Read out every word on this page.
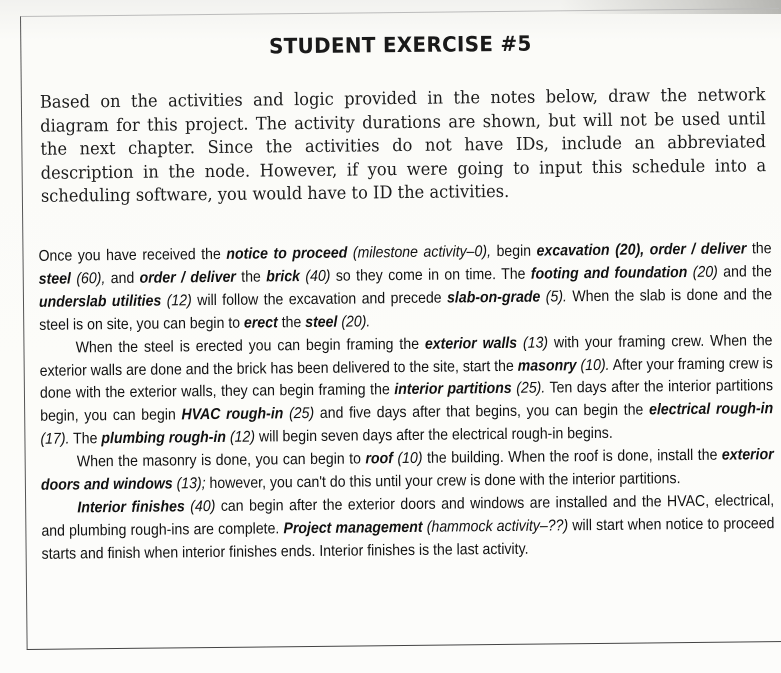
STUDENT EXERCISE #5
Based on the activities and logic provided in the notes below, draw the network diagram for this project. The activity durations are shown, but will not be used until the next chapter. Since the activities do not have IDs, include an abbreviated description in the node. However, if you were going to input this schedule into a scheduling software, you would have to ID the activities.

Once you have received the notice to proceed (milestone activity–0), begin excavation (20), order / deliver the steel (60), and order / deliver the brick (40) so they come in on time. The footing and foundation (20) and the underslab utilities (12) will follow the excavation and precede slab-on-grade (5). When the slab is done and the steel is on site, you can begin to erect the steel (20).

When the steel is erected you can begin framing the exterior walls (13) with your framing crew. When the exterior walls are done and the brick has been delivered to the site, start the masonry (10). After your framing crew is done with the exterior walls, they can begin framing the interior partitions (25). Ten days after the interior partitions begin, you can begin HVAC rough-in (25) and five days after that begins, you can begin the electrical rough-in (17). The plumbing rough-in (12) will begin seven days after the electrical rough-in begins.

When the masonry is done, you can begin to roof (10) the building. When the roof is done, install the exterior doors and windows (13); however, you can't do this until your crew is done with the interior partitions.

Interior finishes (40) can begin after the exterior doors and windows are installed and the HVAC, electrical, and plumbing rough-ins are complete. Project management (hammock activity–??) will start when notice to proceed starts and finish when interior finishes ends. Interior finishes is the last activity.
